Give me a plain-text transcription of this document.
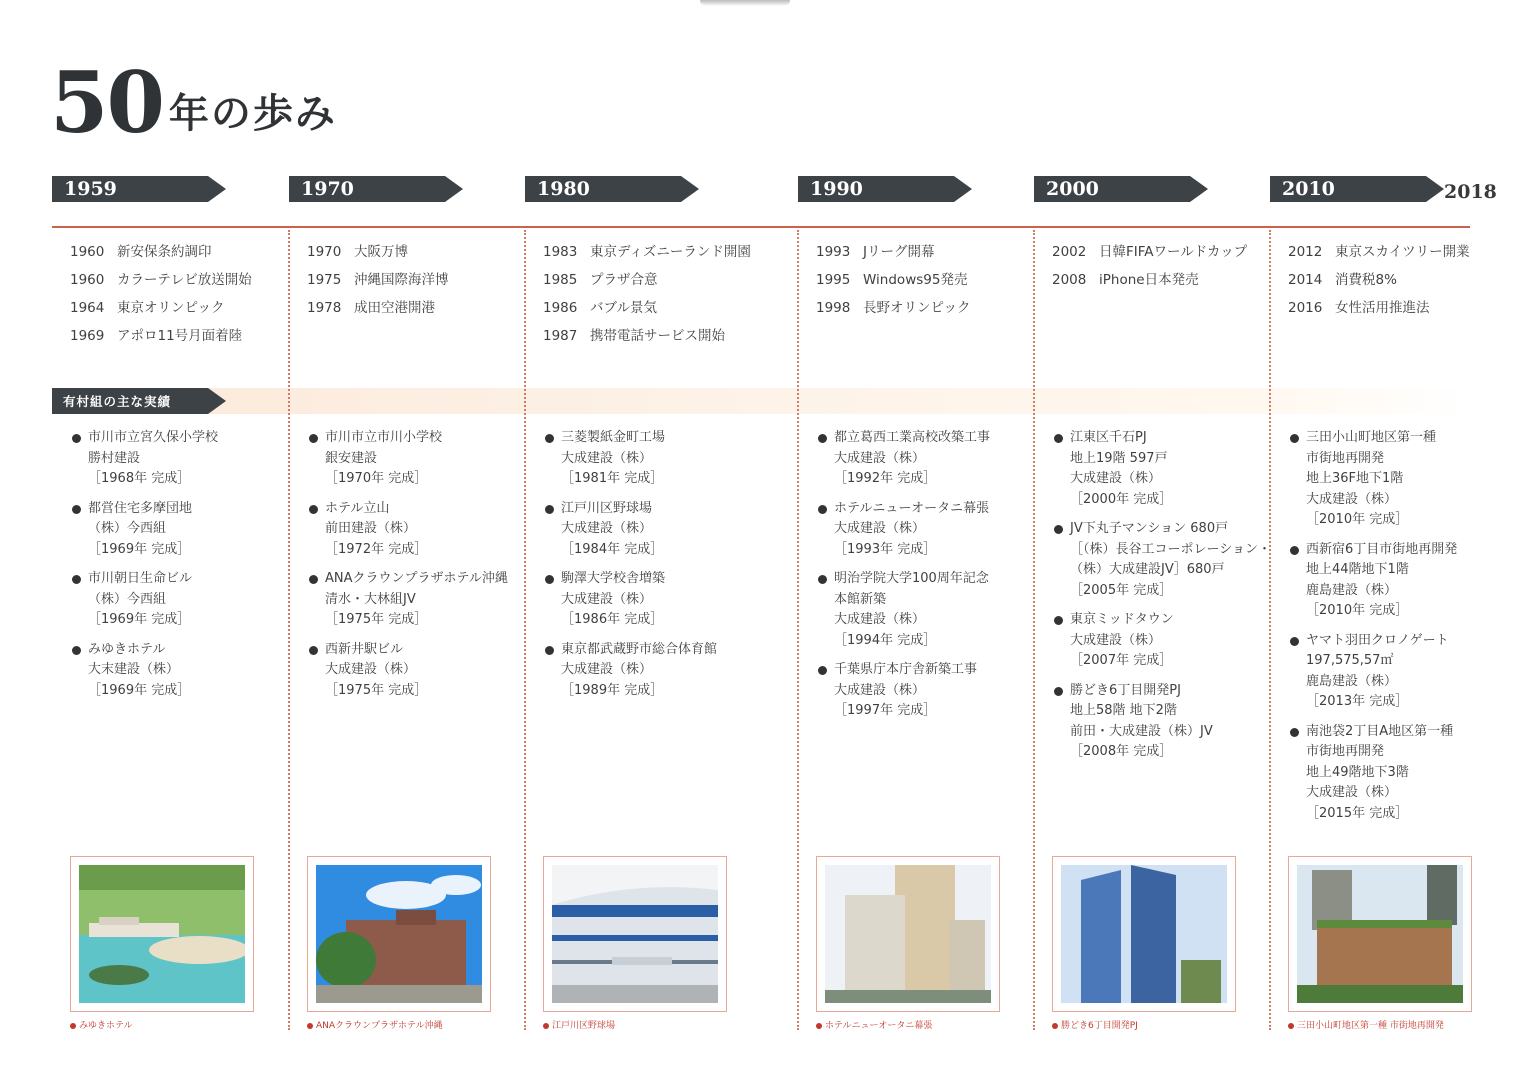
50 年の歩み
2018
有村組の主な実績
1959
1960 新安保条約調印
1960 カラーテレビ放送開始
1964 東京オリンピック
1969 アポロ11号月面着陸
市川市立宮久保小学校
勝村建設
［1968年 完成］
都営住宅多摩団地
（株）今西組
［1969年 完成］
市川朝日生命ビル
（株）今西組
［1969年 完成］
みゆきホテル
大末建設（株）
［1969年 完成］
みゆきホテル
1970
1970 大阪万博
1975 沖縄国際海洋博
1978 成田空港開港
市川市立市川小学校
銀安建設
［1970年 完成］
ホテル立山
前田建設（株）
［1972年 完成］
ANAクラウンプラザホテル沖縄
清水・大林組JV
［1975年 完成］
西新井駅ビル
大成建設（株）
［1975年 完成］
ANAクラウンプラザホテル沖縄
1980
1983 東京ディズニーランド開園
1985 プラザ合意
1986 バブル景気
1987 携帯電話サービス開始
三菱製紙金町工場
大成建設（株）
［1981年 完成］
江戸川区野球場
大成建設（株）
［1984年 完成］
駒澤大学校舎増築
大成建設（株）
［1986年 完成］
東京都武蔵野市総合体育館
大成建設（株）
［1989年 完成］
江戸川区野球場
1990
1993 Jリーグ開幕
1995 Windows95発売
1998 長野オリンピック
都立葛西工業高校改築工事
大成建設（株）
［1992年 完成］
ホテルニューオータニ幕張
大成建設（株）
［1993年 完成］
明治学院大学100周年記念
本館新築
大成建設（株）
［1994年 完成］
千葉県庁本庁舎新築工事
大成建設（株）
［1997年 完成］
ホテルニューオータニ幕張
2000
2002 日韓FIFAワールドカップ
2008 iPhone日本発売
江東区千石PJ
地上19階 597戸
大成建設（株）
［2000年 完成］
JV下丸子マンション 680戸
［（株）長谷工コーポレーション・
（株）大成建設JV］680戸
［2005年 完成］
東京ミッドタウン
大成建設（株）
［2007年 完成］
勝どき6丁目開発PJ
地上58階 地下2階
前田・大成建設（株）JV
［2008年 完成］
勝どき6丁目開発PJ
2010
2012 東京スカイツリー開業
2014 消費税8%
2016 女性活用推進法
三田小山町地区第一種
市街地再開発
地上36F地下1階
大成建設（株）
［2010年 完成］
西新宿6丁目市街地再開発
地上44階地下1階
鹿島建設（株）
［2010年 完成］
ヤマト羽田クロノゲート
197,575,57㎡
鹿島建設（株）
［2013年 完成］
南池袋2丁目A地区第一種
市街地再開発
地上49階地下3階
大成建設（株）
［2015年 完成］
三田小山町地区第一種 市街地再開発
